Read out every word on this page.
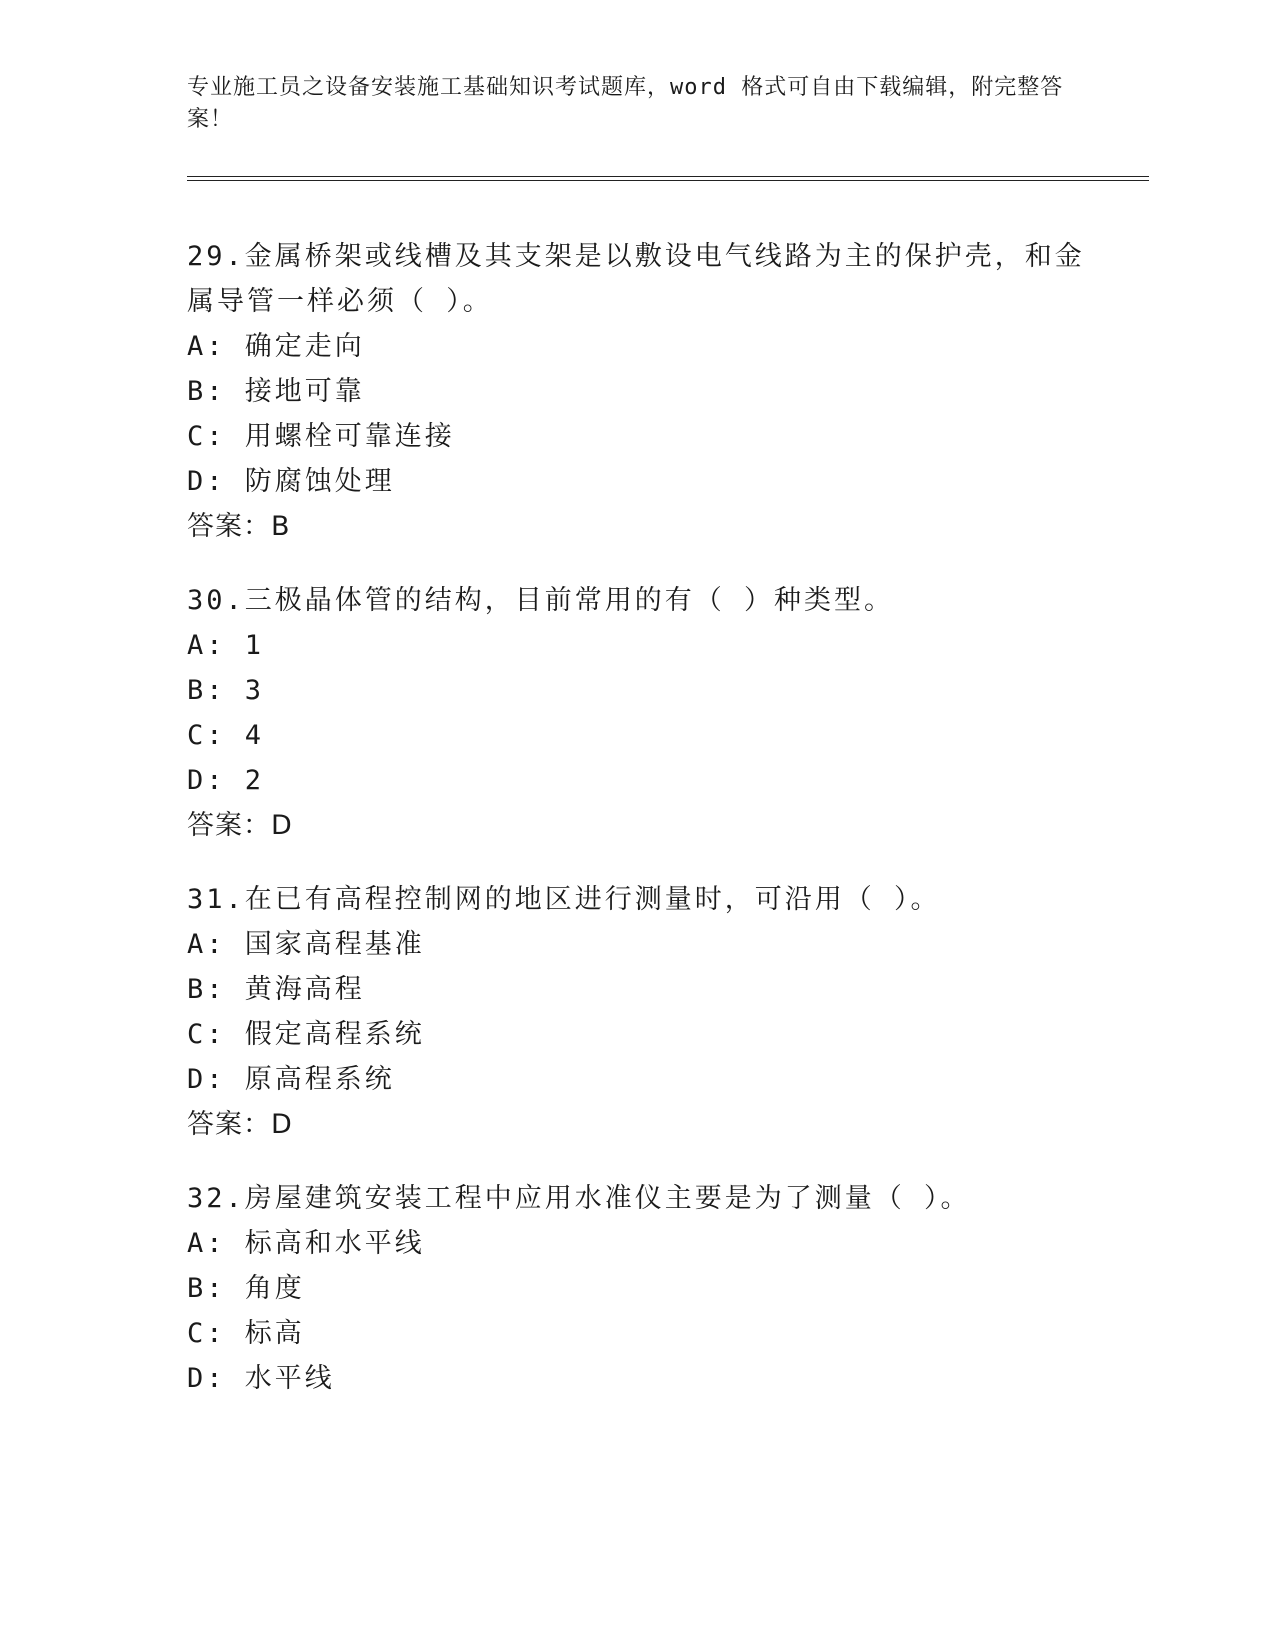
专业施工员之设备安装施工基础知识考试题库，word 格式可自由下载编辑，附完整答案！

29.金属桥架或线槽及其支架是以敷设电气线路为主的保护壳，和金属导管一样必须（ ）。

A: 确定走向

B: 接地可靠

C: 用螺栓可靠连接

D: 防腐蚀处理

答案：B

30.三极晶体管的结构，目前常用的有（ ）种类型。

A: 1

B: 3

C: 4

D: 2

答案：D

31.在已有高程控制网的地区进行测量时，可沿用（ ）。

A: 国家高程基准

B: 黄海高程

C: 假定高程系统

D: 原高程系统

答案：D

32.房屋建筑安装工程中应用水准仪主要是为了测量（ ）。

A: 标高和水平线

B: 角度

C: 标高

D: 水平线
